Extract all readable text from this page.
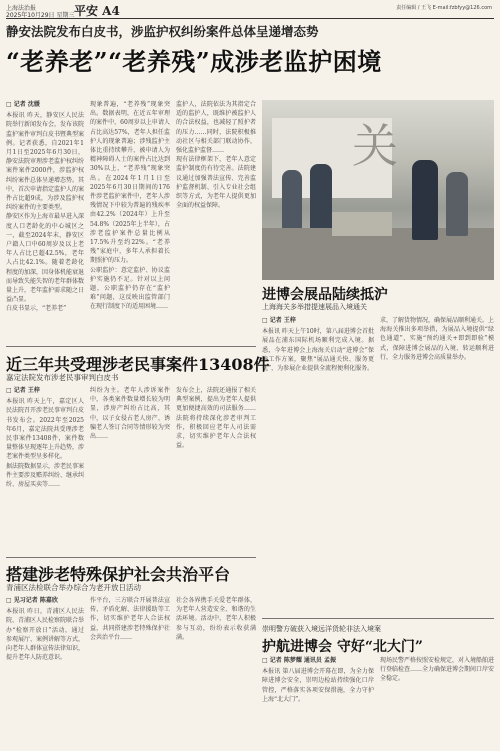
上海法治报
2025年10月29日 星期三 平安 A4	责任编辑 / 王飞 E-mail:fzbfyy@126.com
静安法院发布白皮书，涉监护权纠纷案件总体呈递增态势
“老养老”“老养残”成涉老监护困境
□ 记者 沈媛
本报讯 昨天，静安区人民法院举行新闻发布会，发布该院监护案件审判白皮书暨典型案例。记者获悉，自2021年1月1日至2025年6月30日，静安法院审理涉老监护权纠纷案件案件2000件，涉监护权纠纷案件总体呈递增态势。其中，首次申请指定监护人的案件占比超9成，为涉及监护权纠纷案件的主要类型。
静安区作为上海市最早进入深度人口老龄化的中心城区之一，截至2024年末，静安区户籍人口中60周岁及以上老年人占比已超42.5%，老年人占比42.1%。随着老龄化程度的加深，因身体机能衰退而导致失能失智的老年群体数量上升，老年监护需求随之日益凸显。
白皮书显示，“老养老”
现象普遍，“老养残”现象突出。数据表明，在近五年审理的案件中，60周岁以上申请人占比高达57%，老年人担任监护人的现象普遍；涉残监护主体比重持续攀升，被申请人为精神障碍人士的案件占比达到30%以上，“老养残”现象突出。在2024年1月1日至2025年6月30日期间的176件涉老监护案件中，老年人涉残情况下中较为普遍的残疾率由42.2%（2024年）上升至54.8%（2025年上半年），占涉老监护案件总量比例从17.5%升至约22%。“老养残”家庭中，多年人承担着长期照护的压力。
公职监护：意定监护、协议监护实施仍不足。针对以上问题，公职监护仍存在“监护难”问题，这反映出监管部门在现行制度下的适用困境……
监护人，法院依法为其指定合适的监护人，既维护被监护人的合法权益，也减轻了照护者的压力……同时，法院积极推动社区与相关部门联动协作，强化监护监督……
现有法律框架下，老年人意定监护制度仍有待完善。法院建议通过加强普法宣传、完善监护监督机制、引入专业社会组织等方式，为老年人提供更加全面的权益保障。
关
进博会展品陆续抵沪
上海海关多举措提速展品入境通关
□ 记者 王梓
本报讯 昨天上午10时，第八届进博会首批展品在浦东国际机场顺利完成入境。据悉，今年进博会上海海关启动“进博会”保障工作方案，聚焦“展品通关快、服务更优”，为参展企业提供全流程便利化服务。
求，了解货物情况，确保展品顺利通关。上海海关推出多项举措，为展品入境提供“绿色通道”，实施“预约通关+即到即验”模式，保障进博会展品的入境、转运顺利进行，全力服务进博会高质量举办。
近三年共受理涉老民事案件13408件
嘉定法院发布涉老民事审判白皮书
□ 记者 王梓
本报讯 昨天上午，嘉定区人民法院召开涉老民事审判白皮书发布会。2022年至2025年6月，嘉定法院共受理涉老民事案件13408件，案件数量整体呈现逐年上升趋势，涉老案件类型呈多样化。
据法院数据显示，涉老民事案件主要涉及赡养纠纷、继承纠纷、房屋买卖等……
纠纷为主。老年人涉诉案件中，各类案件数量增长较为明显，涉房产纠纷占比高，其中，以子女侵占老人房产、诱骗老人签订合同等情形较为突出……
发布会上，法院还通报了相关典型案例，提出为老年人提供更加便捷高效的司法服务……法院将持续深化涉老审判工作，积极回应老年人司法需求，切实维护老年人合法权益。
搭建涉老特殊保护社会共治平台
青浦区法检联合举办综合为老开放日活动
□ 见习记者 陈嘉欣
本报讯 昨日，青浦区人民法院、青浦区人民检察院联合举办“检察开放日”活动，通过参观展厅、案例讲解等方式，向老年人群体宣传法律知识，提升老年人防范意识。
作平台，三方联合开展普法宣传、矛盾化解、法律援助等工作，切实维护老年人合法权益，共同搭建涉老特殊保护社会共治平台……
社会各界携手关爱老年群体，为老年人营造安全、和谐的生活环境。活动中，老年人积极参与互动，纷纷表示收获满满。
崇明警方破获入境远洋货轮非法入境案
护航进博会 守好“北大门”
□ 记者 陈梦耀 通讯员 孟振
本报讯 第八届进博会开幕在即，为全力保障进博会安全，崇明边检站持续强化口岸管控，严格落实各项安保措施，全力守护上海“北大门”。
现场民警严格按照安检规定，对入境船舶进行登临检查……全力确保进博会期间口岸安全稳定。
